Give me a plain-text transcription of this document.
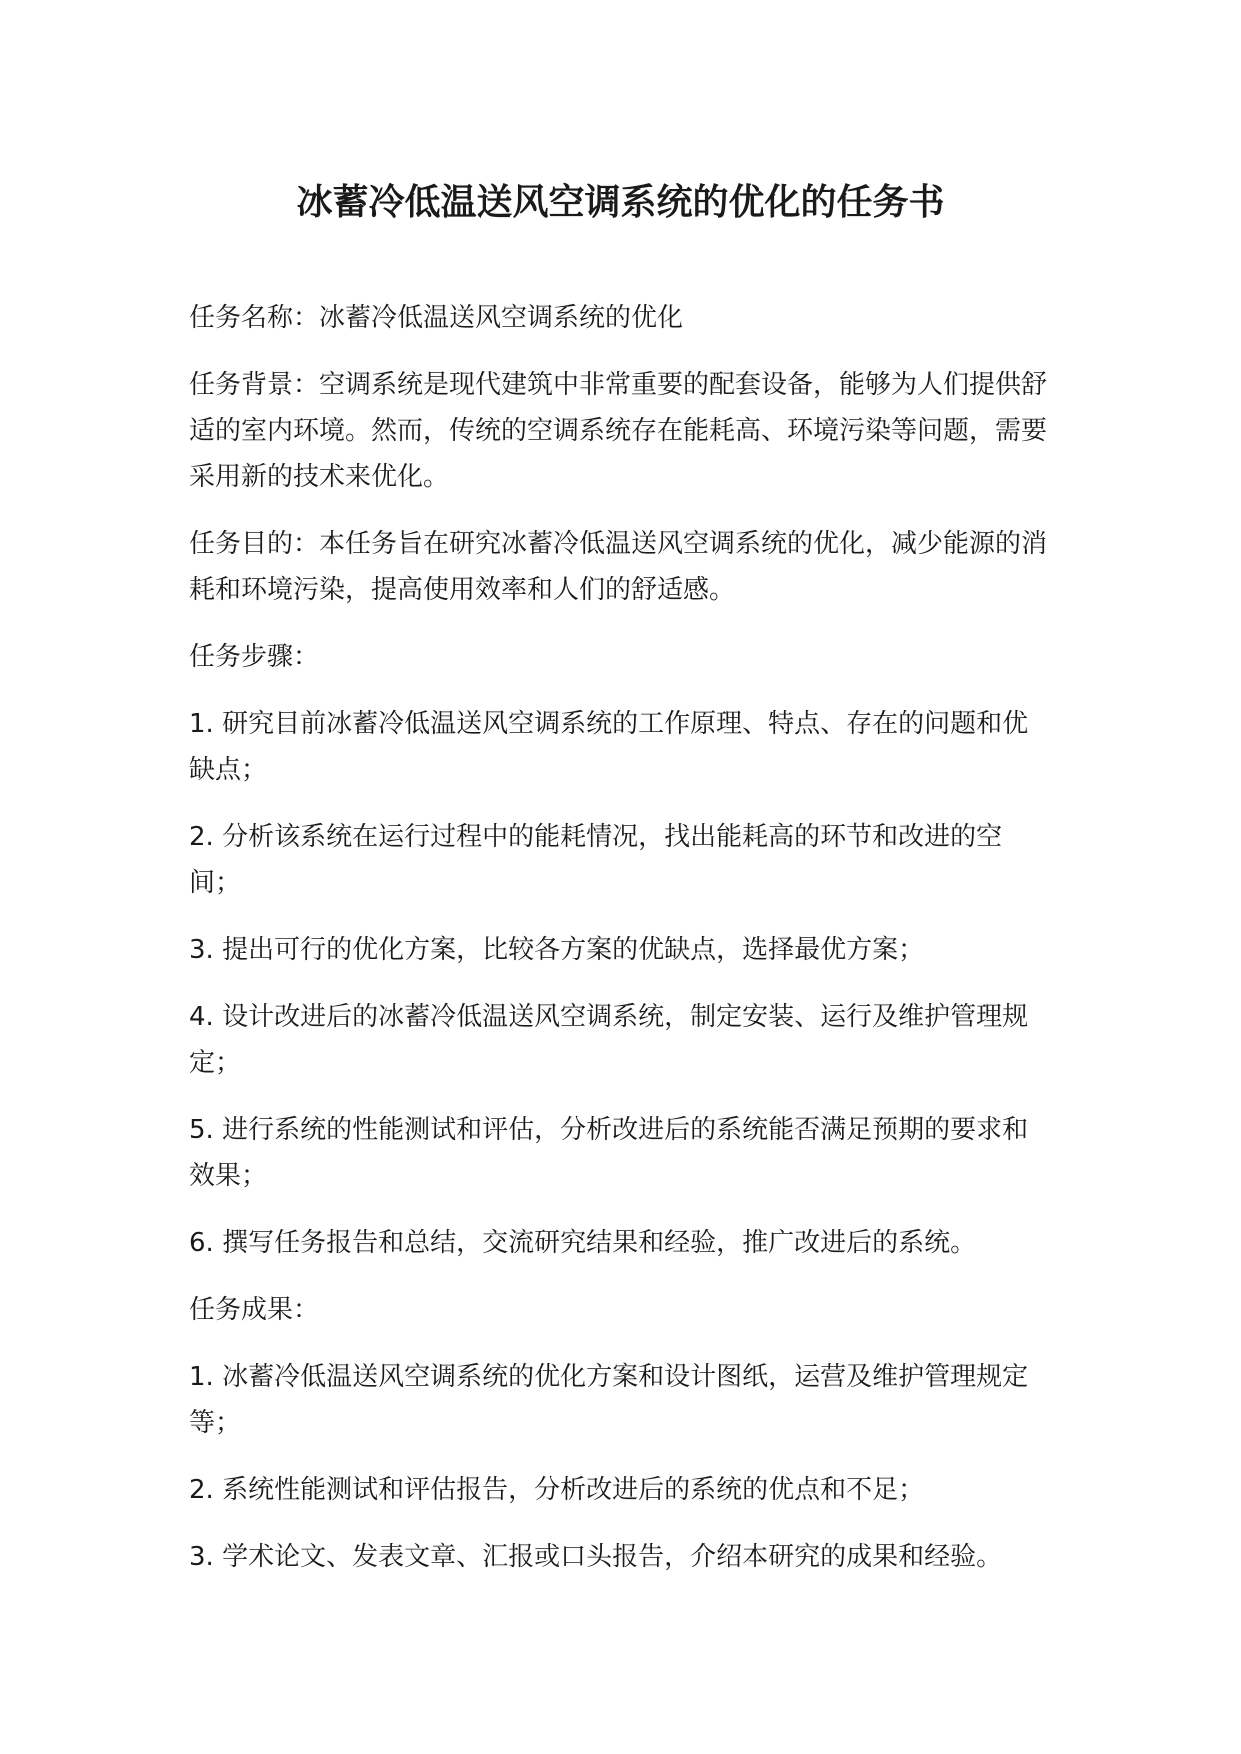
冰蓄冷低温送风空调系统的优化的任务书

任务名称：冰蓄冷低温送风空调系统的优化

任务背景：空调系统是现代建筑中非常重要的配套设备，能够为人们提供舒适的室内环境。然而，传统的空调系统存在能耗高、环境污染等问题，需要采用新的技术来优化。

任务目的：本任务旨在研究冰蓄冷低温送风空调系统的优化，减少能源的消耗和环境污染，提高使用效率和人们的舒适感。

任务步骤：

1. 研究目前冰蓄冷低温送风空调系统的工作原理、特点、存在的问题和优缺点；

2. 分析该系统在运行过程中的能耗情况，找出能耗高的环节和改进的空间；

3. 提出可行的优化方案，比较各方案的优缺点，选择最优方案；

4. 设计改进后的冰蓄冷低温送风空调系统，制定安装、运行及维护管理规定；

5. 进行系统的性能测试和评估，分析改进后的系统能否满足预期的要求和效果；

6. 撰写任务报告和总结，交流研究结果和经验，推广改进后的系统。

任务成果：

1. 冰蓄冷低温送风空调系统的优化方案和设计图纸，运营及维护管理规定等；

2. 系统性能测试和评估报告，分析改进后的系统的优点和不足；

3. 学术论文、发表文章、汇报或口头报告，介绍本研究的成果和经验。
